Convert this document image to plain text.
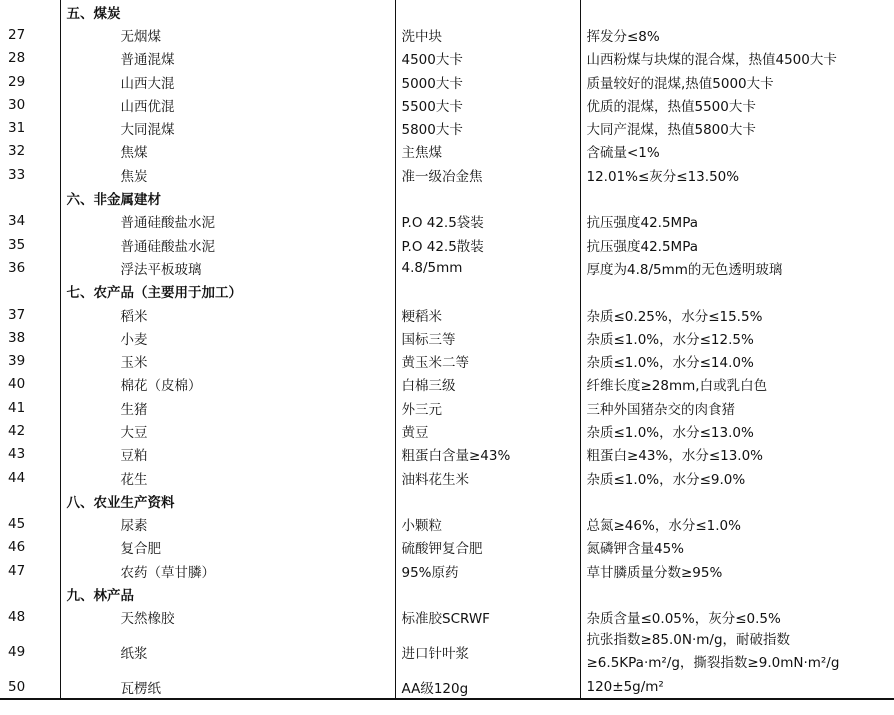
	五、煤炭		
27	无烟煤	洗中块	挥发分≤8%
28	普通混煤	4500大卡	山西粉煤与块煤的混合煤，热值4500大卡
29	山西大混	5000大卡	质量较好的混煤,热值5000大卡
30	山西优混	5500大卡	优质的混煤，热值5500大卡
31	大同混煤	5800大卡	大同产混煤，热值5800大卡
32	焦煤	主焦煤	含硫量<1%
33	焦炭	准一级冶金焦	12.01%≤灰分≤13.50%
	六、非金属建材		
34	普通硅酸盐水泥	P.O 42.5袋装	抗压强度42.5MPa
35	普通硅酸盐水泥	P.O 42.5散装	抗压强度42.5MPa
36	浮法平板玻璃	4.8/5mm	厚度为4.8/5mm的无色透明玻璃
	七、农产品（主要用于加工）		
37	稻米	粳稻米	杂质≤0.25%，水分≤15.5%
38	小麦	国标三等	杂质≤1.0%，水分≤12.5%
39	玉米	黄玉米二等	杂质≤1.0%，水分≤14.0%
40	棉花（皮棉）	白棉三级	纤维长度≥28mm,白或乳白色
41	生猪	外三元	三种外国猪杂交的肉食猪
42	大豆	黄豆	杂质≤1.0%，水分≤13.0%
43	豆粕	粗蛋白含量≥43%	粗蛋白≥43%，水分≤13.0%
44	花生	油料花生米	杂质≤1.0%，水分≤9.0%
	八、农业生产资料		
45	尿素	小颗粒	总氮≥46%，水分≤1.0%
46	复合肥	硫酸钾复合肥	氮磷钾含量45%
47	农药（草甘膦）	95%原药	草甘膦质量分数≥95%
	九、林产品		
48	天然橡胶	标准胶SCRWF	杂质含量≤0.05%，灰分≤0.5%
49	纸浆	进口针叶浆	抗张指数≥85.0N·m/g，耐破指数≥6.5KPa·m²/g，撕裂指数≥9.0mN·m²/g
50	瓦楞纸	AA级120g	120±5g/m²
